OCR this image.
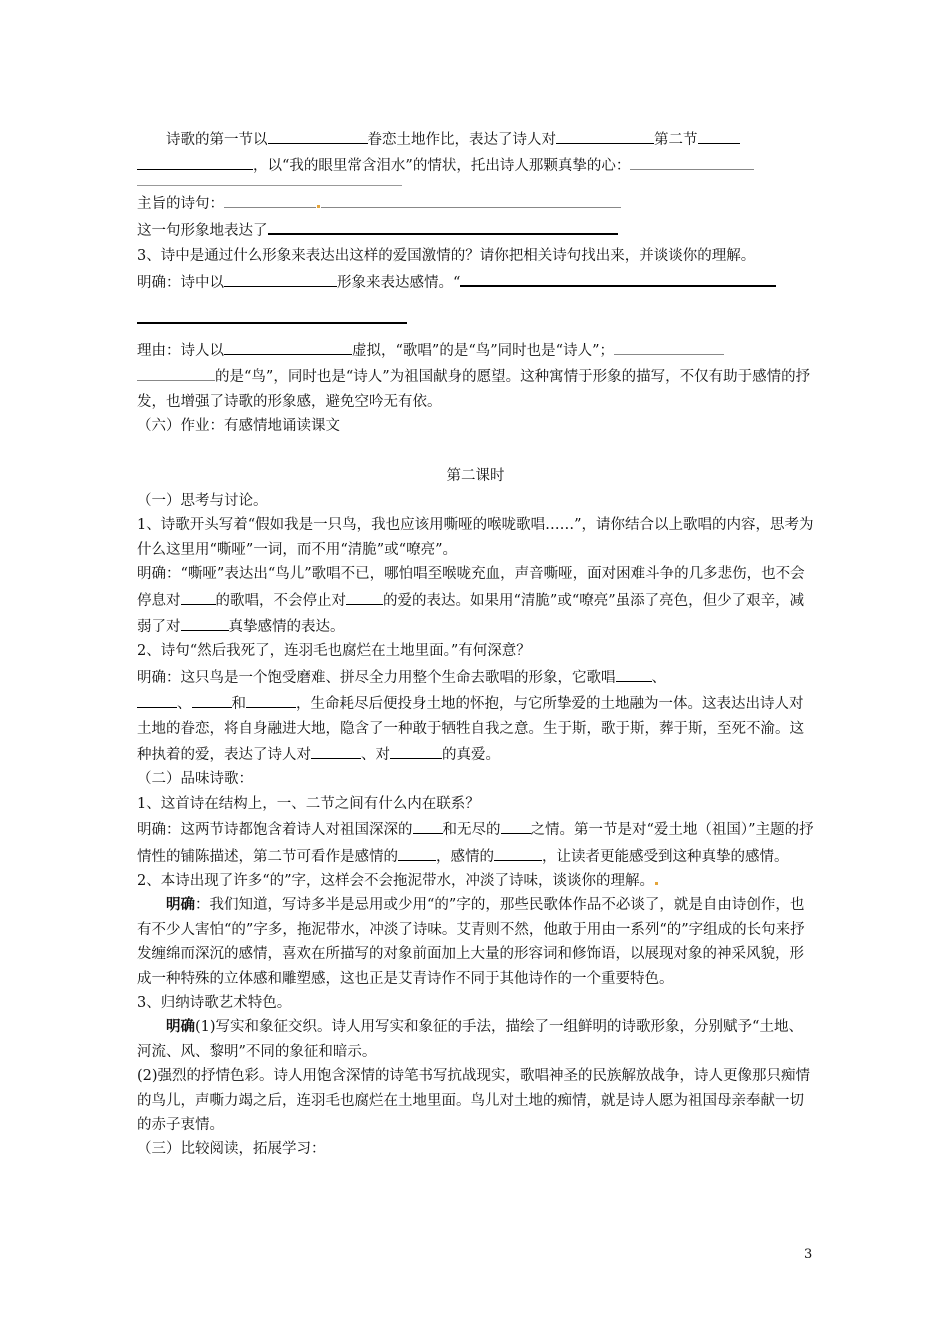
诗歌的第一节以	眷恋土地作比，表达了诗人对	第二节
，以“我的眼里常含泪水”的情状，托出诗人那颗真挚的心：

主旨的诗句：

这一句形象地表达了

3、诗中是通过什么形象来表达出这样的爱国激情的？请你把相关诗句找出来，并谈谈你的理解。

明确：诗中以	形象来表达感情。“

理由：诗人以	虚拟，“歌唱”的是“鸟”同时也是“诗人”；
的是“鸟”，同时也是“诗人”为祖国献身的愿望。这种寓情于形象的描写，不仅有助于感情的抒发，也增强了诗歌的形象感，避免空吟无有依。

（六）作业：有感情地诵读课文

第二课时

（一）思考与讨论。

1、诗歌开头写着“假如我是一只鸟，我也应该用嘶哑的喉咙歌唱……”，请你结合以上歌唱的内容，思考为什么这里用“嘶哑”一词，而不用“清脆”或“嘹亮”。

明确：“嘶哑”表达出“鸟儿”歌唱不已，哪怕唱至喉咙充血，声音嘶哑，面对困难斗争的几多悲伤，也不会停息对 的歌唱，不会停止对	的爱的表达。如果用“清脆”或“嘹亮”虽添了亮色，但少了艰辛，减弱了对	真挚感情的表达。

2、诗句“然后我死了，连羽毛也腐烂在土地里面。”有何深意？

明确：这只鸟是一个饱受磨难、拼尽全力用整个生命去歌唱的形象，它歌唱 、
、	和	，生命耗尽后便投身土地的怀抱，与它所挚爱的土地融为一体。这表达出诗人对土地的眷恋，将自身融进大地，隐含了一种敢于牺牲自我之意。生于斯，歌于斯，葬于斯，至死不渝。这种执着的爱，表达了诗人对	、对	的真爱。

（二）品味诗歌：

1、这首诗在结构上，一、二节之间有什么内在联系？

明确：这两节诗都饱含着诗人对祖国深深的 和无尽的 之情。第一节是对“爱土地（祖国）”主题的抒情性的铺陈描述，第二节可看作是感情的	，感情的	，让读者更能感受到这种真挚的感情。

2、本诗出现了许多“的”字，这样会不会拖泥带水，冲淡了诗味，谈谈你的理解。

明确：我们知道，写诗多半是忌用或少用“的”字的，那些民歌体作品不必谈了，就是自由诗创作，也有不少人害怕“的”字多，拖泥带水，冲淡了诗味。艾青则不然，他敢于用由一系列“的”字组成的长句来抒发缠绵而深沉的感情，喜欢在所描写的对象前面加上大量的形容词和修饰语，以展现对象的神采风貌，形成一种特殊的立体感和雕塑感，这也正是艾青诗作不同于其他诗作的一个重要特色。

3、归纳诗歌艺术特色。

明确(1)写实和象征交织。诗人用写实和象征的手法，描绘了一组鲜明的诗歌形象，分别赋予“土地、河流、风、黎明”不同的象征和暗示。

(2)强烈的抒情色彩。诗人用饱含深情的诗笔书写抗战现实，歌唱神圣的民族解放战争，诗人更像那只痴情的鸟儿，声嘶力竭之后，连羽毛也腐烂在土地里面。鸟儿对土地的痴情，就是诗人愿为祖国母亲奉献一切的赤子衷情。

（三）比较阅读，拓展学习：

3
